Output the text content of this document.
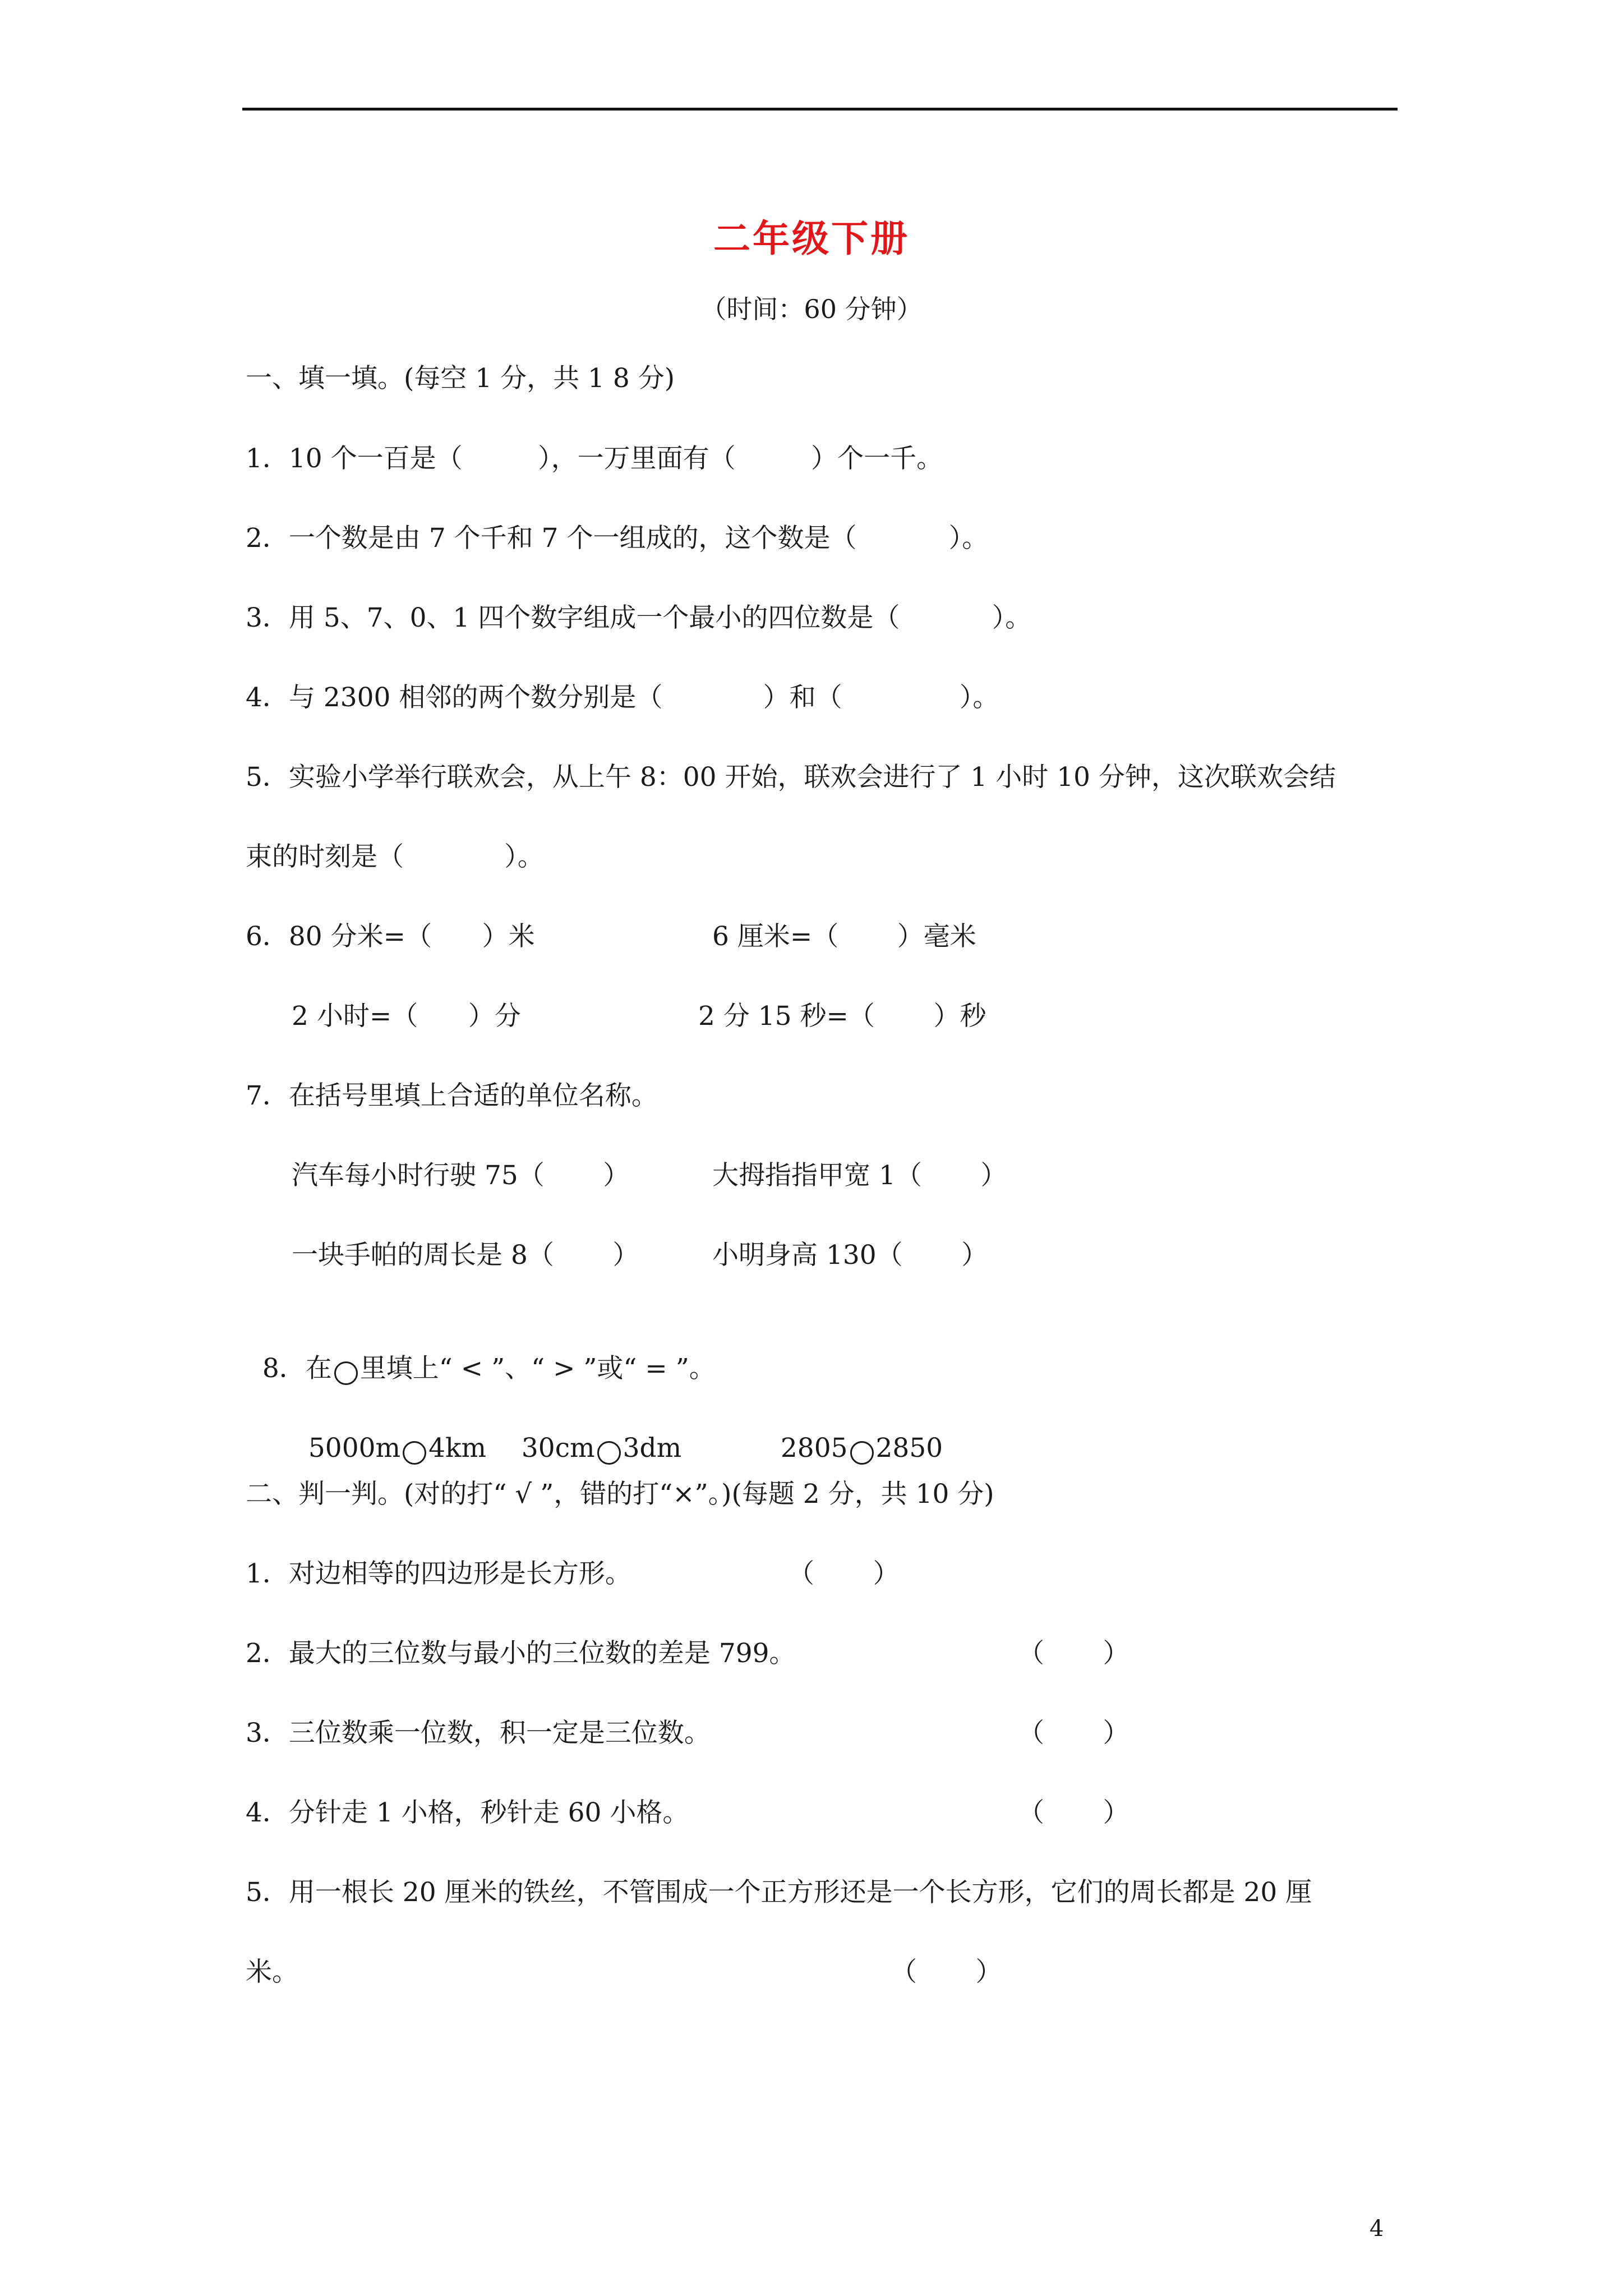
二年级下册
（时间：60 分钟）
一、填一填。(每空 1 分，共 1 8 分)
1．10 个一百是（         ），一万里面有（         ）个一千。
2．一个数是由 7 个千和 7 个一组成的，这个数是（           ）。
3．用 5、7、0、1 四个数字组成一个最小的四位数是（           ）。
4．与 2300 相邻的两个数分别是（            ）和（              ）。
5．实验小学举行联欢会，从上午 8：00 开始，联欢会进行了 1 小时 10 分钟，这次联欢会结
束的时刻是（            ）。
6．80 分米=（      ）米	6 厘米=（       ）毫米
2 小时=（      ）分	2 分 15 秒=（       ）秒
7．在括号里填上合适的单位名称。
汽车每小时行驶 75（       ）	大拇指指甲宽 1（       ）
一块手帕的周长是 8（       ）	小明身高 130（       ）

8．在 里填上“ < ”、“ > ”或“ = ”。

5000m 4km	30cm 3dm	2805 2850

二、判一判。(对的打“ √ ”，错的打“×”。)(每题 2 分，共 10 分)
1．对边相等的四边形是长方形。	（       ）
2．最大的三位数与最小的三位数的差是 799。	（       ）
3．三位数乘一位数，积一定是三位数。	（       ）
4．分针走 1 小格，秒针走 60 小格。	（       ）
5．用一根长 20 厘米的铁丝，不管围成一个正方形还是一个长方形，它们的周长都是 20 厘
米。	（       ）
4
